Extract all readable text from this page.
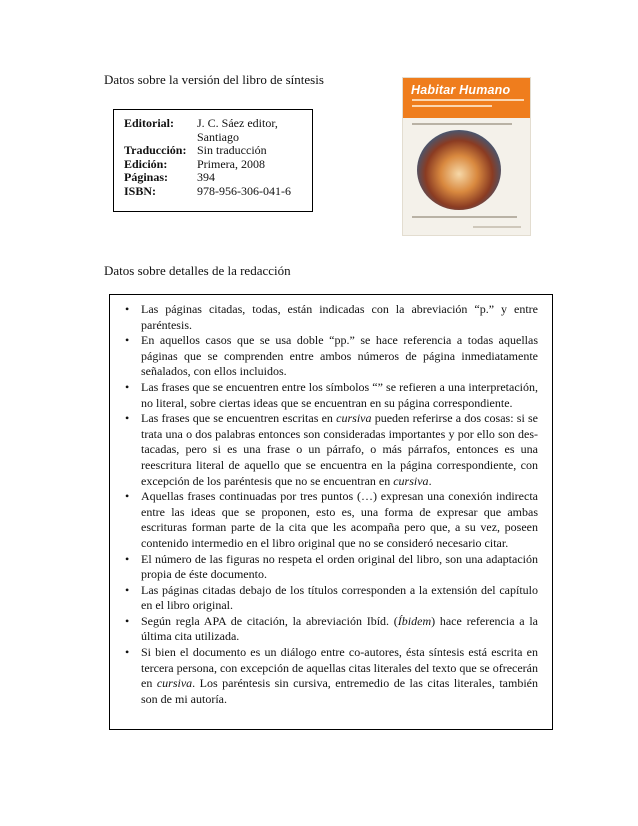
Datos sobre la versión del libro de síntesis
Editorial:	J. C. Sáez editor, Santiago
Traducción: Sin traducción
Edición:	Primera, 2008
Páginas:	394
ISBN:	978-956-306-041-6
Habitar Humano
Datos sobre detalles de la redacción
• Las páginas citadas, todas, están indicadas con la abreviación “p.” y entre paréntesis.
• En aquellos casos que se usa doble “pp.” se hace referencia a todas aquellas páginas que se comprenden entre ambos números de página inmediatamente señalados, con ellos incluidos.
• Las frases que se encuentren entre los símbolos “” se refieren a una interpretación, no literal, sobre ciertas ideas que se encuentran en su página correspondiente.
• Las frases que se encuentren escritas en cursiva pueden referirse a dos cosas: si se trata una o dos palabras entonces son consideradas importantes y por ello son des-tacadas, pero si es una frase o un párrafo, o más párrafos, entonces es una reescritura literal de aquello que se encuentra en la página correspondiente, con excepción de los paréntesis que no se encuentran en cursiva.
• Aquellas frases continuadas por tres puntos (…) expresan una conexión indirecta entre las ideas que se proponen, esto es, una forma de expresar que ambas escrituras forman parte de la cita que les acompaña pero que, a su vez, poseen contenido intermedio en el libro original que no se consideró necesario citar.
• El número de las figuras no respeta el orden original del libro, son una adaptación propia de éste documento.
• Las páginas citadas debajo de los títulos corresponden a la extensión del capítulo en el libro original.
• Según regla APA de citación, la abreviación Ibíd. (Íbidem) hace referencia a la última cita utilizada.
• Si bien el documento es un diálogo entre co-autores, ésta síntesis está escrita en tercera persona, con excepción de aquellas citas literales del texto que se ofrecerán en cursiva. Los paréntesis sin cursiva, entremedio de las citas literales, también son de mi autoría.
